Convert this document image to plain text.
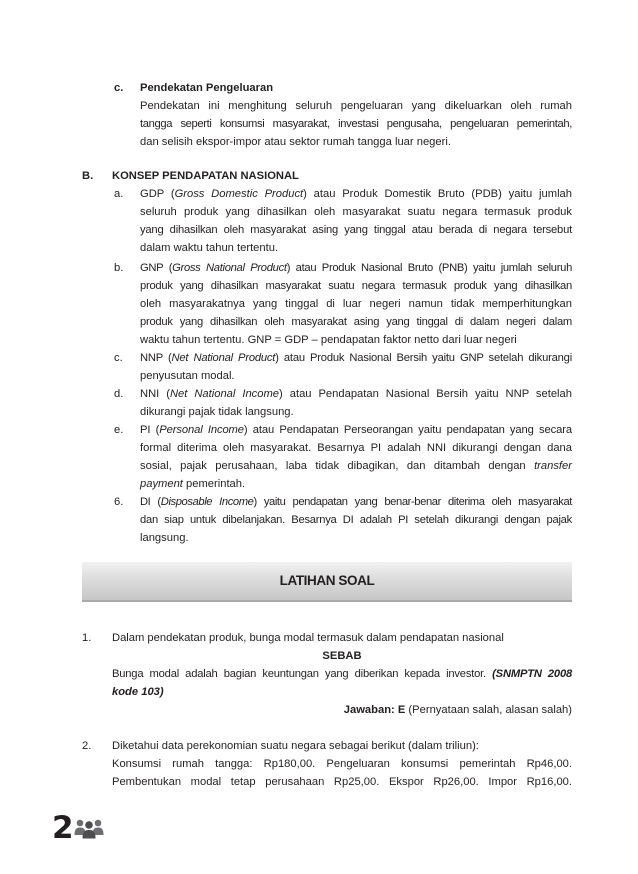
c. Pendekatan Pengeluaran
Pendekatan ini menghitung seluruh pengeluaran yang dikeluarkan oleh rumah
tangga seperti konsumsi masyarakat, investasi pengusaha, pengeluaran pemerintah,
dan selisih ekspor-impor atau sektor rumah tangga luar negeri.
B. KONSEP PENDAPATAN NASIONAL
a. GDP (Gross Domestic Product) atau Produk Domestik Bruto (PDB) yaitu jumlah
seluruh produk yang dihasilkan oleh masyarakat suatu negara termasuk produk
yang dihasilkan oleh masyarakat asing yang tinggal atau berada di negara tersebut
dalam waktu tahun tertentu.
b. GNP (Gross National Product) atau Produk Nasional Bruto (PNB) yaitu jumlah seluruh
produk yang dihasilkan masyarakat suatu negara termasuk produk yang dihasilkan
oleh masyarakatnya yang tinggal di luar negeri namun tidak memperhitungkan
produk yang dihasilkan oleh masyarakat asing yang tinggal di dalam negeri dalam
waktu tahun tertentu. GNP = GDP – pendapatan faktor netto dari luar negeri
c. NNP (Net National Product) atau Produk Nasional Bersih yaitu GNP setelah dikurangi
penyusutan modal.
d. NNI (Net National Income) atau Pendapatan Nasional Bersih yaitu NNP setelah
dikurangi pajak tidak langsung.
e. PI (Personal Income) atau Pendapatan Perseorangan yaitu pendapatan yang secara
formal diterima oleh masyarakat. Besarnya PI adalah NNI dikurangi dengan dana
sosial, pajak perusahaan, laba tidak dibagikan, dan ditambah dengan transfer
payment pemerintah.
6. DI (Disposable Income) yaitu pendapatan yang benar-benar diterima oleh masyarakat
dan siap untuk dibelanjakan. Besarnya DI adalah PI setelah dikurangi dengan pajak
langsung.
LATIHAN SOAL
1. Dalam pendekatan produk, bunga modal termasuk dalam pendapatan nasional
SEBAB
Bunga modal adalah bagian keuntungan yang diberikan kepada investor. (SNMPTN 2008
kode 103)
Jawaban: E (Pernyataan salah, alasan salah)
2. Diketahui data perekonomian suatu negara sebagai berikut (dalam triliun):
Konsumsi rumah tangga: Rp180,00. Pengeluaran konsumsi pemerintah Rp46,00.
Pembentukan modal tetap perusahaan Rp25,00. Ekspor Rp26,00. Impor Rp16,00.
2
